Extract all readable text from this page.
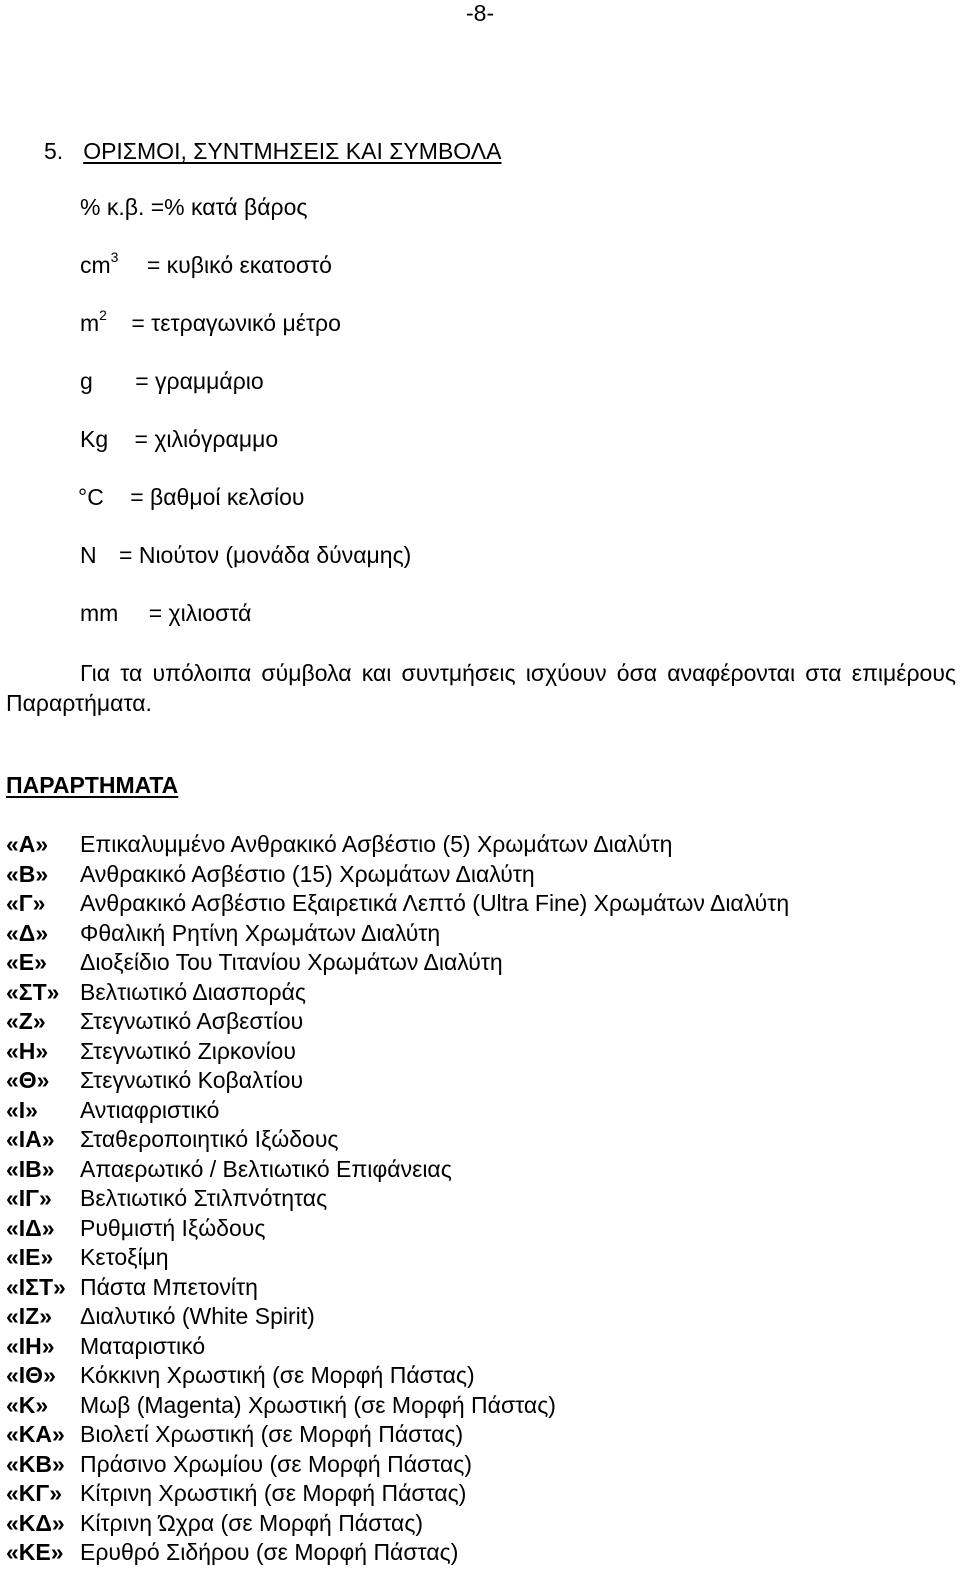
-8-
5. ΟΡΙΣΜΟΙ, ΣΥΝΤΜΗΣΕΙΣ ΚΑΙ ΣΥΜΒΟΛΑ
% κ.β. =% κατά βάρος
$cm^3 = \kappa\upsilon\beta\iota\kappa ό$ εκατοστό
$m^2 = \tau\varepsilon\tau\rho\alpha\gamma\omega\nu\iota\kappa ό$ μέτρο
g = γραμμάριο
Kg = χιλιόγραμμο
°C = βαθμοί κελσίου
N = Νιούτον (μονάδα δύναμης)
mm = χιλιοστά
Για τα υπόλοιπα σύμβολα και συντμήσεις ισχύουν όσα αναφέρονται στα επιμέρους Παραρτήματα.
ΠΑΡΑΡΤΗΜΑΤΑ
«Α»	Επικαλυμμένο Ανθρακικό Ασβέστιο (5) Χρωμάτων Διαλύτη
«Β»	Ανθρακικό Ασβέστιο (15) Χρωμάτων Διαλύτη
«Γ»	Ανθρακικό Ασβέστιο Εξαιρετικά Λεπτό (Ultra Fine) Χρωμάτων Διαλύτη
«Δ»	Φθαλική Ρητίνη Χρωμάτων Διαλύτη
«Ε»	Διοξείδιο Του Τιτανίου Χρωμάτων Διαλύτη
«ΣΤ» Βελτιωτικό Διασποράς
«Ζ»	Στεγνωτικό Ασβεστίου
«Η»	Στεγνωτικό Ζιρκονίου
«Θ»	Στεγνωτικό Κοβαλτίου
«Ι»	Αντιαφριστικό
«ΙΑ»	Σταθεροποιητικό Ιξώδους
«ΙΒ»	Απαερωτικό / Βελτιωτικό Επιφάνειας
«ΙΓ»	Βελτιωτικό Στιλπνότητας
«ΙΔ»	Ρυθμιστή Ιξώδους
«ΙΕ»	Κετοξίμη
«ΙΣΤ» Πάστα Μπετονίτη
«ΙΖ»	Διαλυτικό (White Spirit)
«ΙΗ»	Ματαριστικό
«ΙΘ»	Κόκκινη Χρωστική (σε Μορφή Πάστας)
«Κ»	Μωβ (Magenta) Χρωστική (σε Μορφή Πάστας)
«ΚΑ» Βιολετί Χρωστική (σε Μορφή Πάστας)
«ΚΒ» Πράσινο Χρωμίου (σε Μορφή Πάστας)
«ΚΓ» Κίτρινη Χρωστική (σε Μορφή Πάστας)
«ΚΔ» Κίτρινη Ώχρα (σε Μορφή Πάστας)
«ΚΕ» Ερυθρό Σιδήρου (σε Μορφή Πάστας)
